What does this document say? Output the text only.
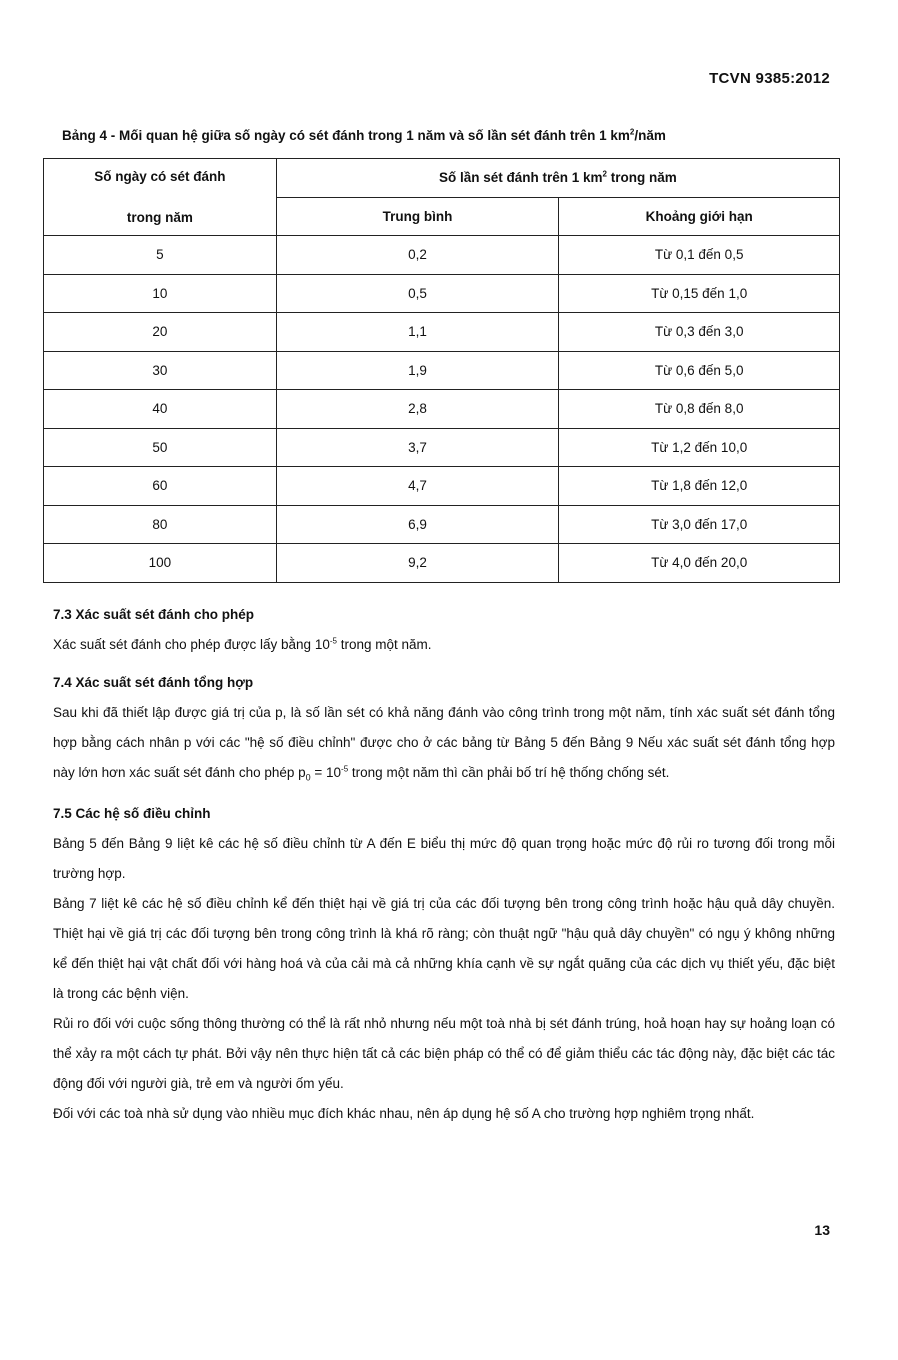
TCVN 9385:2012
Bảng 4 - Mối quan hệ giữa số ngày có sét đánh trong 1 năm và số lần sét đánh trên 1 $km^2$/năm
Số ngày có sét đánh
trong năm	Số lần sét đánh trên 1 $km^2$ trong năm	
	Trung bình	Khoảng giới hạn
5	0,2	Từ 0,1 đến 0,5
10	0,5	Từ 0,15 đến 1,0
20	1,1	Từ 0,3 đến 3,0
30	1,9	Từ 0,6 đến 5,0
40	2,8	Từ 0,8 đến 8,0
50	3,7	Từ 1,2 đến 10,0
60	4,7	Từ 1,8 đến 12,0
80	6,9	Từ 3,0 đến 17,0
100	9,2	Từ 4,0 đến 20,0

7.3 Xác suất sét đánh cho phép

Xác suất sét đánh cho phép được lấy bằng $10^{-5}$ trong một năm.

7.4 Xác suất sét đánh tổng hợp

Sau khi đã thiết lập được giá trị của p, là số lần sét có khả năng đánh vào công trình trong một năm, tính xác suất sét đánh tổng hợp bằng cách nhân p với các "hệ số điều chỉnh" được cho ở các bảng từ Bảng 5 đến Bảng 9 Nếu xác suất sét đánh tổng hợp này lớn hơn xác suất sét đánh cho phép $p_0 = 10^{-5}$ trong một năm thì cần phải bố trí hệ thống chống sét.

7.5 Các hệ số điều chỉnh

Bảng 5 đến Bảng 9 liệt kê các hệ số điều chỉnh từ A đến E biểu thị mức độ quan trọng hoặc mức độ rủi ro tương đối trong mỗi trường hợp.

Bảng 7 liệt kê các hệ số điều chỉnh kể đến thiệt hại về giá trị của các đối tượng bên trong công trình hoặc hậu quả dây chuyền. Thiệt hại về giá trị các đối tượng bên trong công trình là khá rõ ràng; còn thuật ngữ "hậu quả dây chuyền" có ngụ ý không những kể đến thiệt hại vật chất đối với hàng hoá và của cải mà cả những khía cạnh về sự ngắt quãng của các dịch vụ thiết yếu, đặc biệt là trong các bệnh viện.

Rủi ro đối với cuộc sống thông thường có thể là rất nhỏ nhưng nếu một toà nhà bị sét đánh trúng, hoả hoạn hay sự hoảng loạn có thể xảy ra một cách tự phát. Bởi vậy nên thực hiện tất cả các biện pháp có thể có để giảm thiểu các tác động này, đặc biệt các tác động đối với người già, trẻ em và người ốm yếu.

Đối với các toà nhà sử dụng vào nhiều mục đích khác nhau, nên áp dụng hệ số A cho trường hợp nghiêm trọng nhất.

13
